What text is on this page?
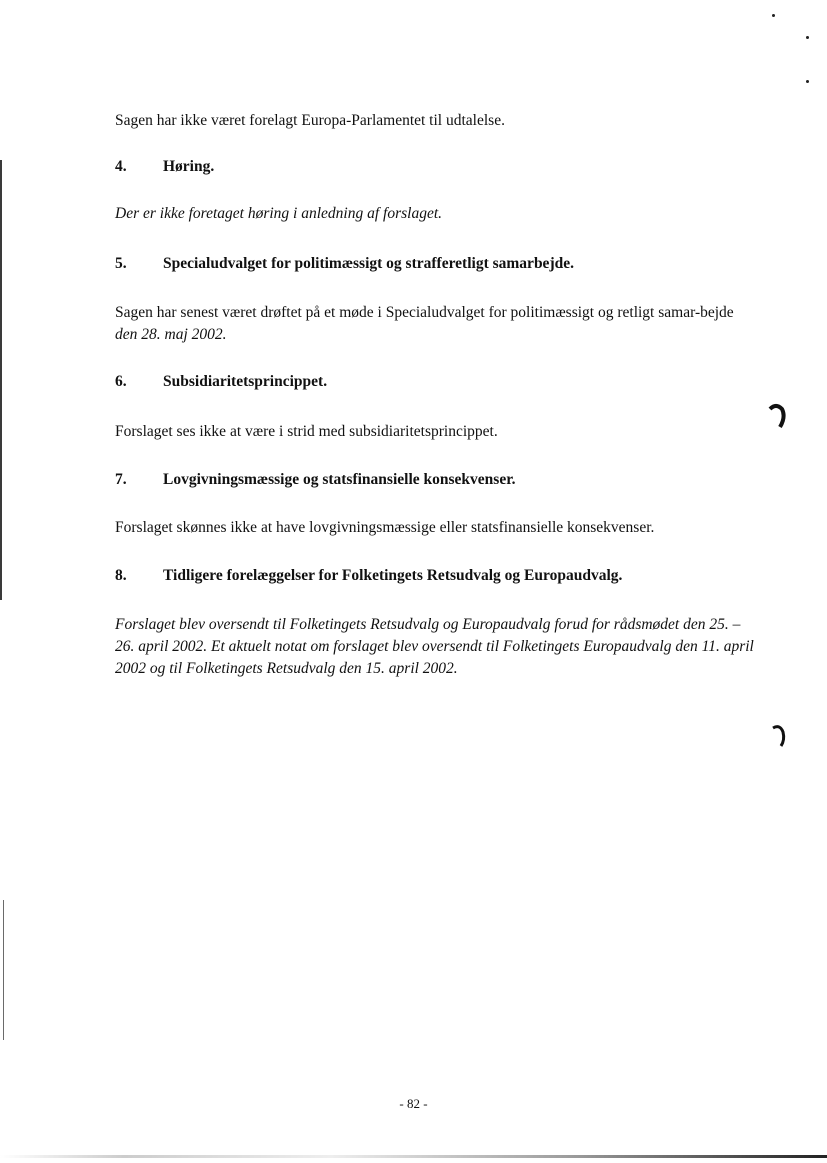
Sagen har ikke været forelagt Europa-Parlamentet til udtalelse.
4. Høring.
Der er ikke foretaget høring i anledning af forslaget.
5. Specialudvalget for politimæssigt og strafferetligt samarbejde.
Sagen har senest været drøftet på et møde i Specialudvalget for politimæssigt og retligt samar-bejde den 28. maj 2002.
6. Subsidiaritetsprincippet.
Forslaget ses ikke at være i strid med subsidiaritetsprincippet.
7. Lovgivningsmæssige og statsfinansielle konsekvenser.
Forslaget skønnes ikke at have lovgivningsmæssige eller statsfinansielle konsekvenser.
8. Tidligere forelæggelser for Folketingets Retsudvalg og Europaudvalg.
Forslaget blev oversendt til Folketingets Retsudvalg og Europaudvalg forud for rådsmødet den 25. – 26. april 2002. Et aktuelt notat om forslaget blev oversendt til Folketingets Europaudvalg den 11. april 2002 og til Folketingets Retsudvalg den 15. april 2002.
- 82 -
